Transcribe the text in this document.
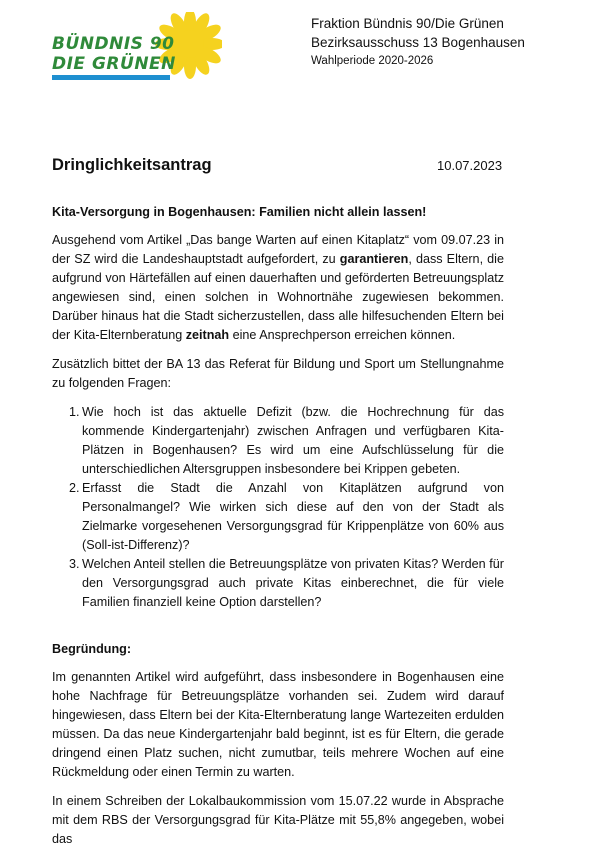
BÜNDNIS 90
DIE GRÜNEN
Fraktion Bündnis 90/Die Grünen
Bezirksausschuss 13 Bogenhausen
Wahlperiode 2020-2026
Dringlichkeitsantrag	10.07.2023

Kita-Versorgung in Bogenhausen: Familien nicht allein lassen!

Ausgehend vom Artikel „Das bange Warten auf einen Kitaplatz“ vom 09.07.23 in der SZ wird die Landeshauptstadt aufgefordert, zu garantieren, dass Eltern, die aufgrund von Härtefällen auf einen dauerhaften und geförderten Betreuungsplatz angewiesen sind, einen solchen in Wohnortnähe zugewiesen bekommen. Darüber hinaus hat die Stadt sicherzustellen, dass alle hilfesuchenden Eltern bei der Kita-Elternberatung zeitnah eine Ansprechperson erreichen können.

Zusätzlich bittet der BA 13 das Referat für Bildung und Sport um Stellungnahme zu folgenden Fragen:

1. Wie hoch ist das aktuelle Defizit (bzw. die Hochrechnung für das kommende Kindergartenjahr) zwischen Anfragen und verfügbaren Kita-Plätzen in Bogenhausen? Es wird um eine Aufschlüsselung für die unterschiedlichen Altersgruppen insbesondere bei Krippen gebeten.
2. Erfasst die Stadt die Anzahl von Kitaplätzen aufgrund von Personalmangel? Wie wirken sich diese auf den von der Stadt als Zielmarke vorgesehenen Versorgungsgrad für Krippenplätze von 60% aus (Soll-ist-Differenz)?
3. Welchen Anteil stellen die Betreuungsplätze von privaten Kitas? Werden für den Versorgungsgrad auch private Kitas einberechnet, die für viele Familien finanziell keine Option darstellen?

Begründung:

Im genannten Artikel wird aufgeführt, dass insbesondere in Bogenhausen eine hohe Nachfrage für Betreuungsplätze vorhanden sei. Zudem wird darauf hingewiesen, dass Eltern bei der Kita-Elternberatung lange Wartezeiten erdulden müssen. Da das neue Kindergartenjahr bald beginnt, ist es für Eltern, die gerade dringend einen Platz suchen, nicht zumutbar, teils mehrere Wochen auf eine Rückmeldung oder einen Termin zu warten.

In einem Schreiben der Lokalbaukommission vom 15.07.22 wurde in Absprache mit dem RBS der Versorgungsgrad für Kita-Plätze mit 55,8% angegeben, wobei das
